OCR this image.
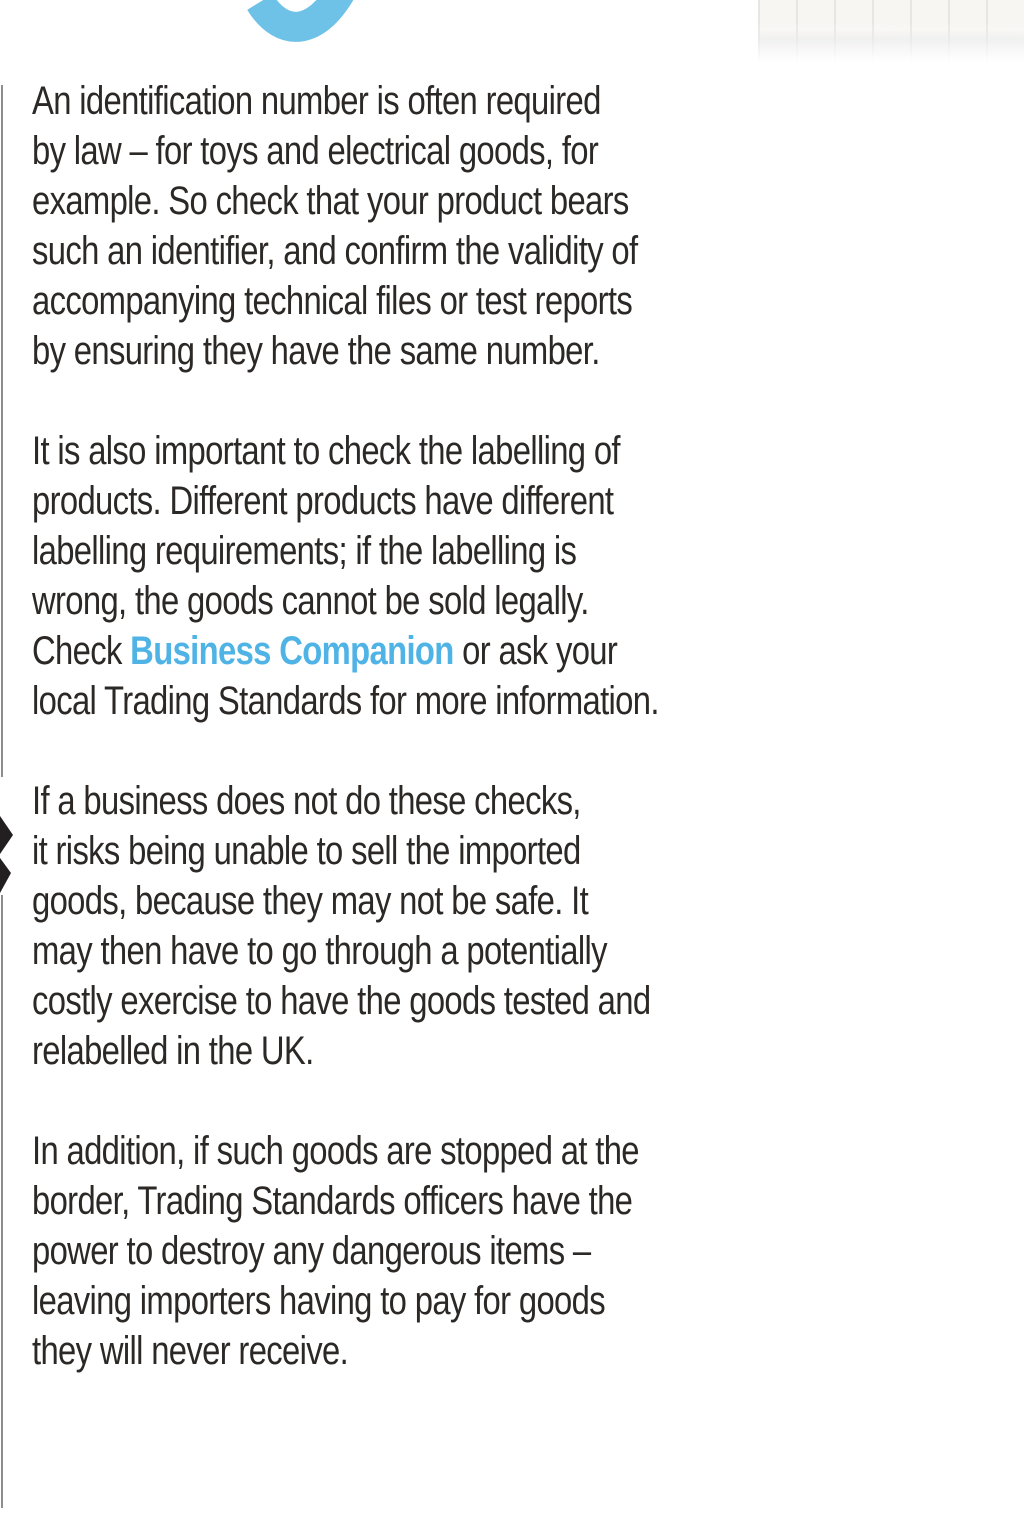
An identification number is often required
by law – for toys and electrical goods, for
example. So check that your product bears
such an identifier, and confirm the validity of
accompanying technical files or test reports
by ensuring they have the same number.
It is also important to check the labelling of
products. Different products have different
labelling requirements; if the labelling is
wrong, the goods cannot be sold legally.
Check Business Companion or ask your
local Trading Standards for more information.
If a business does not do these checks,
it risks being unable to sell the imported
goods, because they may not be safe. It
may then have to go through a potentially
costly exercise to have the goods tested and
relabelled in the UK.
In addition, if such goods are stopped at the
border, Trading Standards officers have the
power to destroy any dangerous items –
leaving importers having to pay for goods
they will never receive.
